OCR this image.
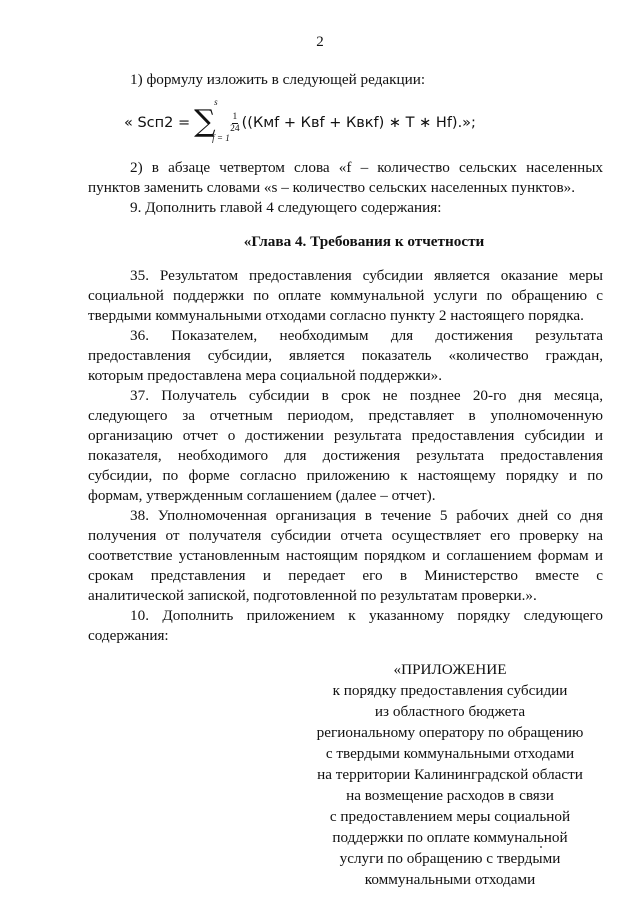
2
1) формулу изложить в следующей редакции:
« Sсп2 = ∑
s
f = 1
$\frac{1}{24} ((Кмf$ + Квf + Квкf) ∗ T ∗ Hf).»;
2) в абзаце четвертом слова «f – количество сельских населенных
пунктов заменить словами «s – количество сельских населенных пунктов».
9. Дополнить главой 4 следующего содержания:
«Глава 4. Требования к отчетности
35. Результатом предоставления субсидии является оказание меры
социальной поддержки по оплате коммунальной услуги по обращению с
твердыми коммунальными отходами согласно пункту 2 настоящего порядка.
36. Показателем, необходимым для достижения результата
предоставления субсидии, является показатель «количество граждан,
которым предоставлена мера социальной поддержки».
37. Получатель субсидии в срок не позднее 20-го дня месяца,
следующего за отчетным периодом, представляет в уполномоченную
организацию отчет о достижении результата предоставления субсидии и
показателя, необходимого для достижения результата предоставления
субсидии, по форме согласно приложению к настоящему порядку и по
формам, утвержденным соглашением (далее – отчет).
38. Уполномоченная организация в течение 5 рабочих дней со дня
получения от получателя субсидии отчета осуществляет его проверку на
соответствие установленным настоящим порядком и соглашением формам и
срокам представления и передает его в Министерство вместе с
аналитической запиской, подготовленной по результатам проверки.».
10. Дополнить приложением к указанному порядку следующего
содержания:
«ПРИЛОЖЕНИЕ
к порядку предоставления субсидии
из областного бюджета
региональному оператору по обращению
с твердыми коммунальными отходами
на территории Калининградской области
на возмещение расходов в связи
с предоставлением меры социальной
поддержки по оплате коммунальной
услуги по обращению с твердыми
коммунальными отходами
